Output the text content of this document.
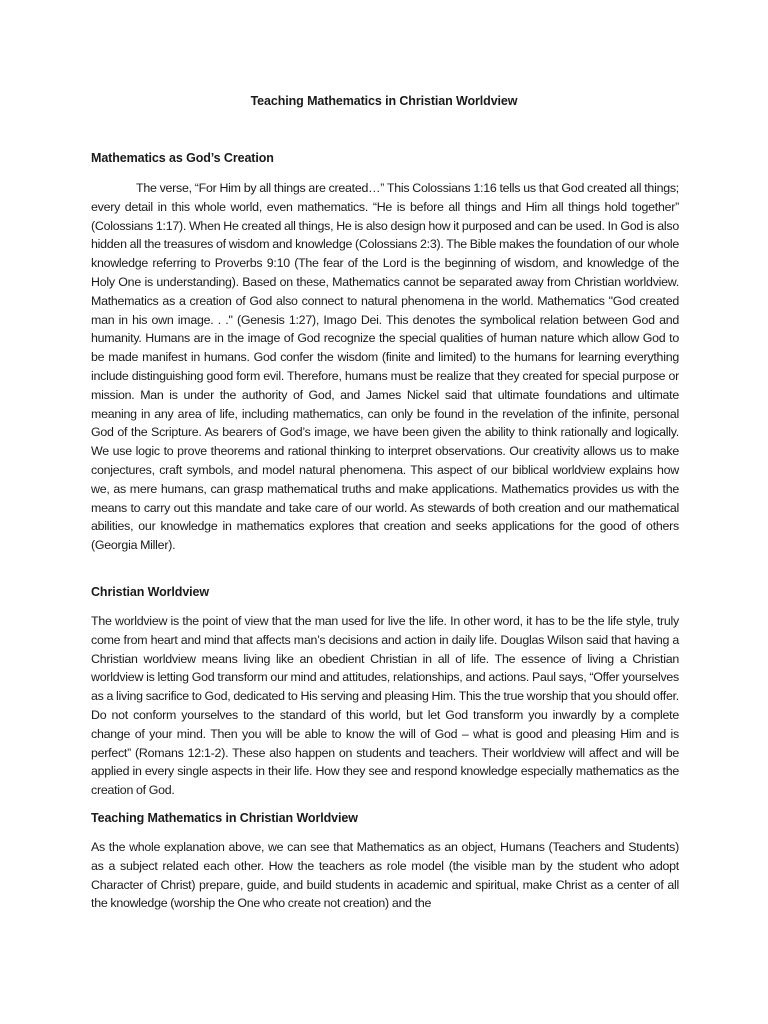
Teaching Mathematics in Christian Worldview
Mathematics as God’s Creation

The verse, “For Him by all things are created…” This Colossians 1:16 tells us that God created all things; every detail in this whole world, even mathematics. “He is before all things and Him all things hold together” (Colossians 1:17). When He created all things, He is also design how it purposed and can be used. In God is also hidden all the treasures of wisdom and knowledge (Colossians 2:3). The Bible makes the foundation of our whole knowledge referring to Proverbs 9:10 (The fear of the Lord is the beginning of wisdom, and knowledge of the Holy One is understanding). Based on these, Mathematics cannot be separated away from Christian worldview. Mathematics as a creation of God also connect to natural phenomena in the world. Mathematics "God created man in his own image. . ." (Genesis 1:27), Imago Dei. This denotes the symbolical relation between God and humanity. Humans are in the image of God recognize the special qualities of human nature which allow God to be made manifest in humans. God confer the wisdom (finite and limited) to the humans for learning everything include distinguishing good form evil. Therefore, humans must be realize that they created for special purpose or mission. Man is under the authority of God, and James Nickel said that ultimate foundations and ultimate meaning in any area of life, including mathematics, can only be found in the revelation of the infinite, personal God of the Scripture. As bearers of God’s image, we have been given the ability to think rationally and logically. We use logic to prove theorems and rational thinking to interpret observations. Our creativity allows us to make conjectures, craft symbols, and model natural phenomena. This aspect of our biblical worldview explains how we, as mere humans, can grasp mathematical truths and make applications. Mathematics provides us with the means to carry out this mandate and take care of our world. As stewards of both creation and our mathematical abilities, our knowledge in mathematics explores that creation and seeks applications for the good of others (Georgia Miller).

Christian Worldview

The worldview is the point of view that the man used for live the life. In other word, it has to be the life style, truly come from heart and mind that affects man’s decisions and action in daily life. Douglas Wilson said that having a Christian worldview means living like an obedient Christian in all of life. The essence of living a Christian worldview is letting God transform our mind and attitudes, relationships, and actions. Paul says, “Offer yourselves as a living sacrifice to God, dedicated to His serving and pleasing Him. This the true worship that you should offer. Do not conform yourselves to the standard of this world, but let God transform you inwardly by a complete change of your mind. Then you will be able to know the will of God – what is good and pleasing Him and is perfect” (Romans 12:1-2). These also happen on students and teachers. Their worldview will affect and will be applied in every single aspects in their life. How they see and respond knowledge especially mathematics as the creation of God.

Teaching Mathematics in Christian Worldview

As the whole explanation above, we can see that Mathematics as an object, Humans (Teachers and Students) as a subject related each other. How the teachers as role model (the visible man by the student who adopt Character of Christ) prepare, guide, and build students in academic and spiritual, make Christ as a center of all the knowledge (worship the One who create not creation) and the
